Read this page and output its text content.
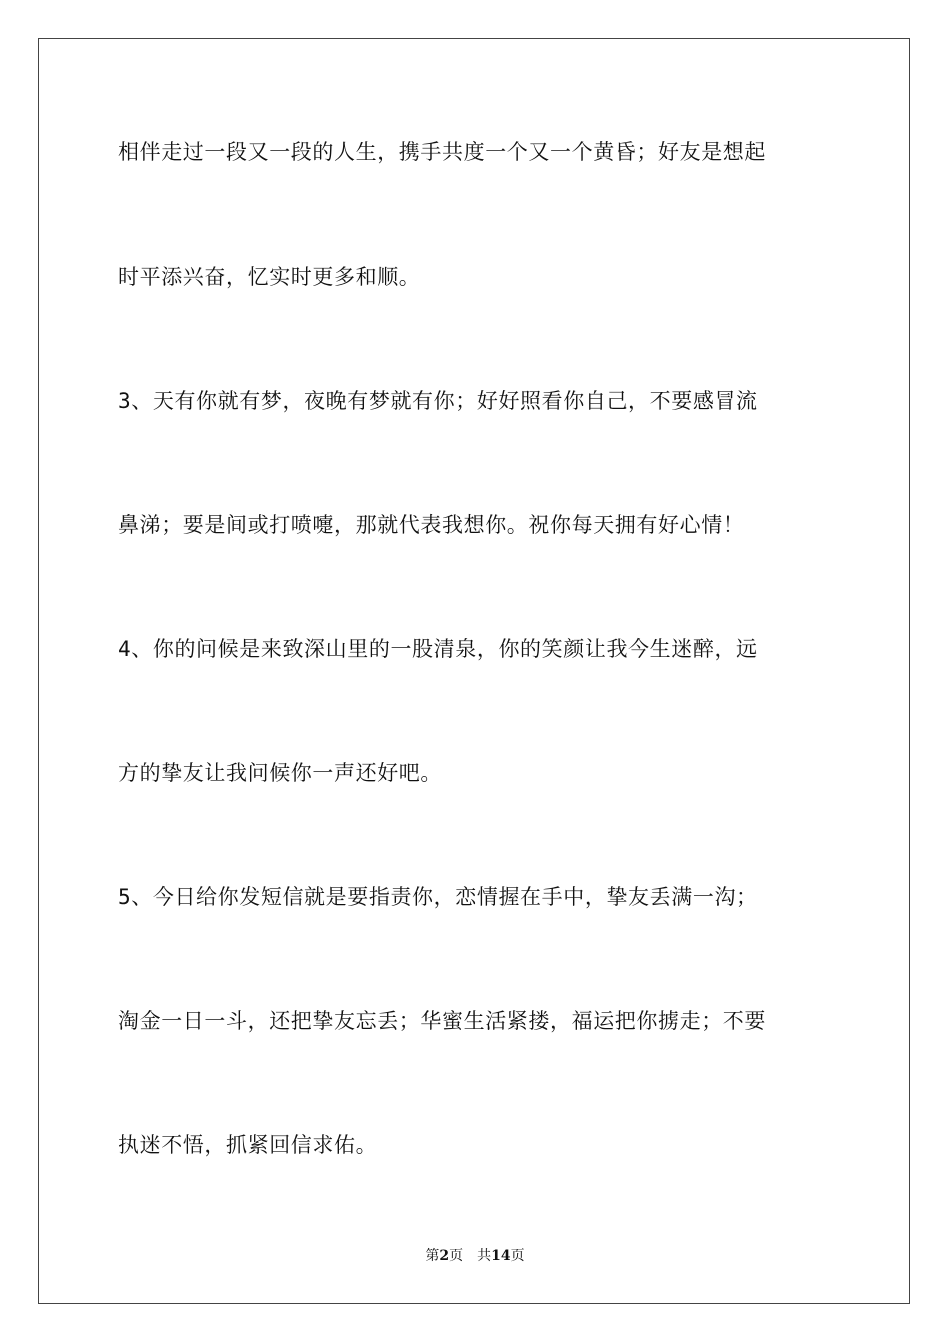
相伴走过一段又一段的人生，携手共度一个又一个黄昏；好友是想起
时平添兴奋，忆实时更多和顺。
3、天有你就有梦，夜晚有梦就有你；好好照看你自己，不要感冒流
鼻涕；要是间或打喷嚏，那就代表我想你。祝你每天拥有好心情！
4、你的问候是来致深山里的一股清泉，你的笑颜让我今生迷醉，远
方的挚友让我问候你一声还好吧。
5、今日给你发短信就是要指责你，恋情握在手中，挚友丢满一沟；
淘金一日一斗，还把挚友忘丢；华蜜生活紧搂，福运把你掳走；不要
执迷不悟，抓紧回信求佑。
第2页 共14页
